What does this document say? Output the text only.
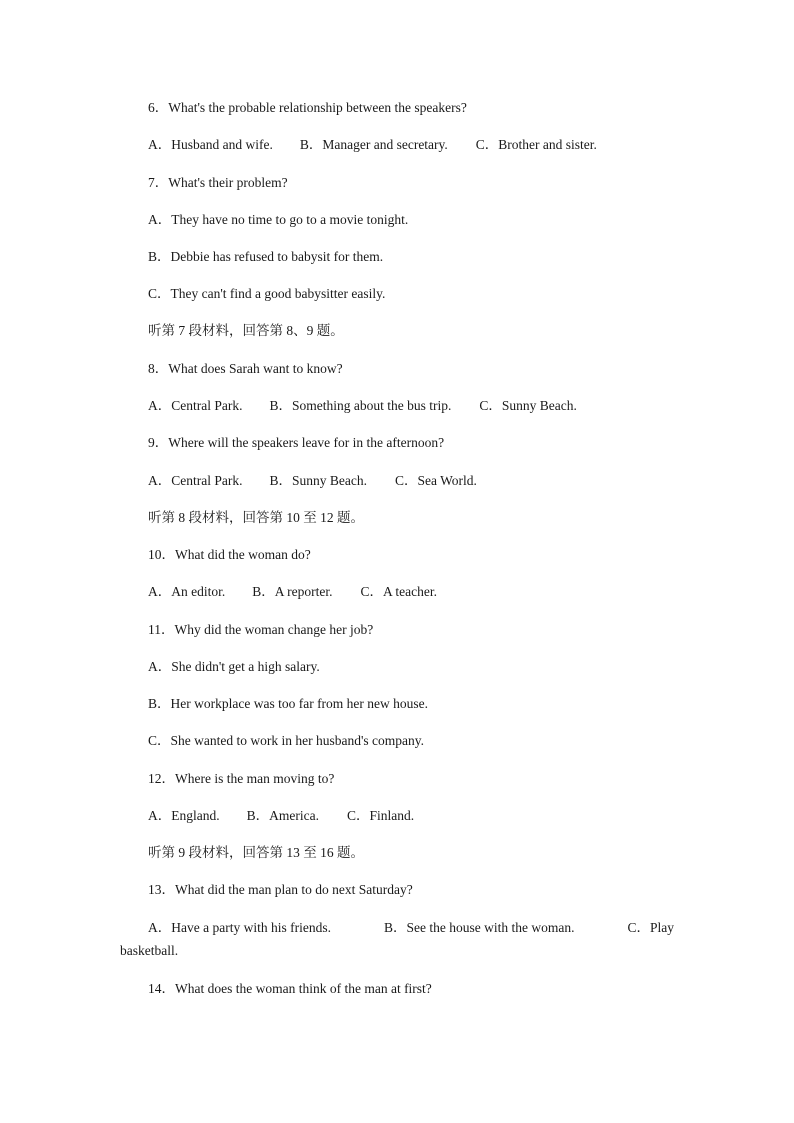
6．What's the probable relationship between the speakers?
A．Husband and wife. B．Manager and secretary. C．Brother and sister.
7．What's their problem?
A．They have no time to go to a movie tonight.
B．Debbie has refused to babysit for them.
C．They can't find a good babysitter easily.
听第 7 段材料，回答第 8、9 题。
8．What does Sarah want to know?
A．Central Park. B．Something about the bus trip. C．Sunny Beach.
9．Where will the speakers leave for in the afternoon?
A．Central Park. B．Sunny Beach. C．Sea World.
听第 8 段材料，回答第 10 至 12 题。
10．What did the woman do?
A．An editor. B．A reporter. C．A teacher.
11．Why did the woman change her job?
A．She didn't get a high salary.
B．Her workplace was too far from her new house.
C．She wanted to work in her husband's company.
12．Where is the man moving to?
A．England. B．America. C．Finland.
听第 9 段材料，回答第 13 至 16 题。
13．What did the man plan to do next Saturday?
A．Have a party with his friends.	B．See the house with the woman.	C．Play
basketball.
14．What does the woman think of the man at first?
